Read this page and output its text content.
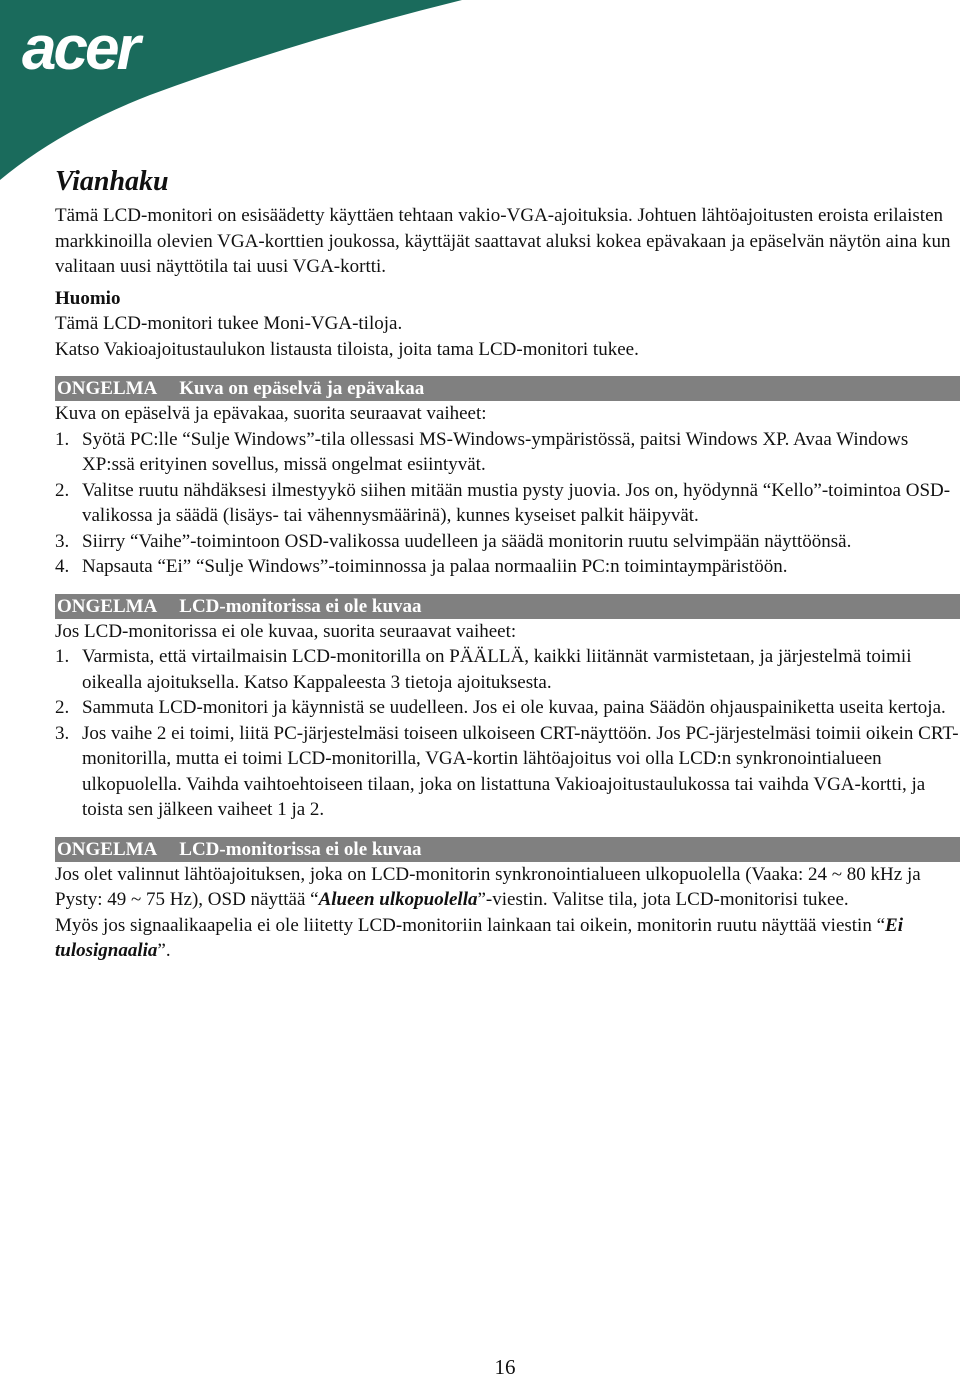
acer
Vianhaku

Tämä LCD-monitori on esisäädetty käyttäen tehtaan vakio-VGA-ajoituksia. Johtuen lähtöajoitusten eroista erilaisten markkinoilla olevien VGA-korttien joukossa, käyttäjät saattavat aluksi kokea epävakaan ja epäselvän näytön aina kun valitaan uusi näyttötila tai uusi VGA-kortti.

Huomio

Tämä LCD-monitori tukee Moni-VGA-tiloja.

Katso Vakioajoitustaulukon listausta tiloista, joita tama LCD-monitori tukee.

ONGELMA Kuva on epäselvä ja epävakaa

Kuva on epäselvä ja epävakaa, suorita seuraavat vaiheet:

1. Syötä PC:lle “Sulje Windows”-tila ollessasi MS-Windows-ympäristössä, paitsi Windows XP. Avaa Windows XP:ssä erityinen sovellus, missä ongelmat esiintyvät.
2. Valitse ruutu nähdäksesi ilmestyykö siihen mitään mustia pysty juovia. Jos on, hyödynnä “Kello”-toimintoa OSD-valikossa ja säädä (lisäys- tai vähennysmäärinä), kunnes kyseiset palkit häipyvät.
3. Siirry “Vaihe”-toimintoon OSD-valikossa uudelleen ja säädä monitorin ruutu selvimpään näyttöönsä.
4. Napsauta “Ei” “Sulje Windows”-toiminnossa ja palaa normaaliin PC:n toimintaympäristöön.
ONGELMA LCD-monitorissa ei ole kuvaa

Jos LCD-monitorissa ei ole kuvaa, suorita seuraavat vaiheet:

1. Varmista, että virtailmaisin LCD-monitorilla on PÄÄLLÄ, kaikki liitännät varmistetaan, ja järjestelmä toimii oikealla ajoituksella. Katso Kappaleesta 3 tietoja ajoituksesta.
2. Sammuta LCD-monitori ja käynnistä se uudelleen. Jos ei ole kuvaa, paina Säädön ohjauspainiketta useita kertoja.
3. Jos vaihe 2 ei toimi, liitä PC-järjestelmäsi toiseen ulkoiseen CRT-näyttöön. Jos PC-järjestelmäsi toimii oikein CRT-monitorilla, mutta ei toimi LCD-monitorilla, VGA-kortin lähtöajoitus voi olla LCD:n synkronointialueen ulkopuolella. Vaihda vaihtoehtoiseen tilaan, joka on listattuna Vakioajoitustaulukossa tai vaihda VGA-kortti, ja toista sen jälkeen vaiheet 1 ja 2.
ONGELMA LCD-monitorissa ei ole kuvaa

Jos olet valinnut lähtöajoituksen, joka on LCD-monitorin synkronointialueen ulkopuolella (Vaaka: 24 ~ 80 kHz ja Pysty: 49 ~ 75 Hz), OSD näyttää “Alueen ulkopuolella”-viestin. Valitse tila, jota LCD-monitorisi tukee.

Myös jos signaalikaapelia ei ole liitetty LCD-monitoriin lainkaan tai oikein, monitorin ruutu näyttää viestin “Ei tulosignaalia”.

16
